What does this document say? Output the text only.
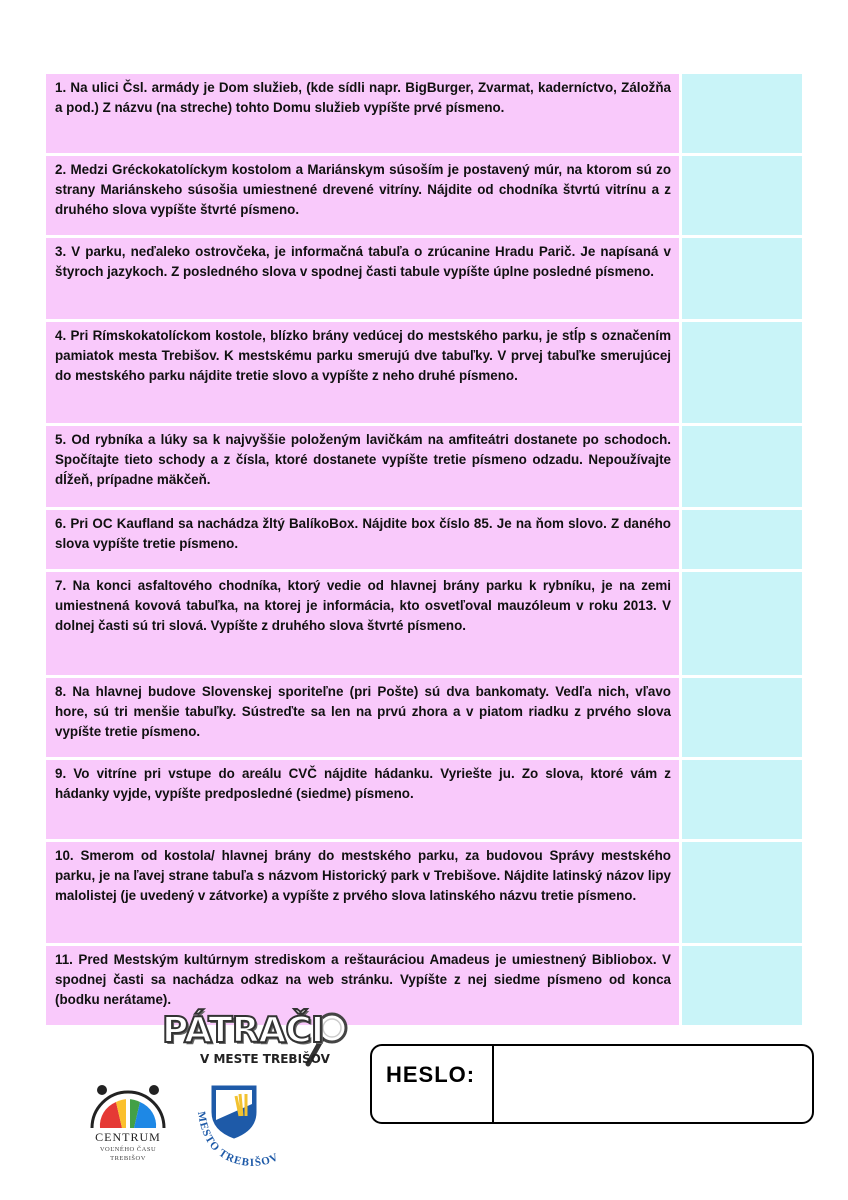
1. Na ulici Čsl. armády je Dom služieb, (kde sídli napr. BigBurger, Zvarmat, kaderníctvo, Záložňa a pod.) Z názvu (na streche) tohto Domu služieb vypíšte prvé písmeno.
2. Medzi Gréckokatolíckym kostolom a Mariánskym súsoším je postavený múr, na ktorom sú zo strany Mariánskeho súsošia umiestnené drevené vitríny. Nájdite od chodníka štvrtú vitrínu a z druhého slova vypíšte štvrté písmeno.
3. V parku, neďaleko ostrovčeka, je informačná tabuľa o zrúcanine Hradu Parič. Je napísaná v štyroch jazykoch. Z posledného slova v spodnej časti tabule vypíšte úplne posledné písmeno.
4. Pri Rímskokatolíckom kostole, blízko brány vedúcej do mestského parku, je stĺp s označením pamiatok mesta Trebišov. K mestskému parku smerujú dve tabuľky. V prvej tabuľke smerujúcej do mestského parku nájdite tretie slovo a vypíšte z neho druhé písmeno.
5. Od rybníka a lúky sa k najvyššie položeným lavičkám na amfiteátri dostanete po schodoch. Spočítajte tieto schody a z čísla, ktoré dostanete vypíšte tretie písmeno odzadu. Nepoužívajte dĺžeň, prípadne mäkčeň.
6. Pri OC Kaufland sa nachádza žltý BalíkoBox. Nájdite box číslo 85. Je na ňom slovo. Z daného slova vypíšte tretie písmeno.
7. Na konci asfaltového chodníka, ktorý vedie od hlavnej brány parku k rybníku, je na zemi umiestnená kovová tabuľka, na ktorej je informácia, kto osvetľoval mauzóleum v roku 2013. V dolnej časti sú tri slová. Vypíšte z druhého slova štvrté písmeno.
8. Na hlavnej budove Slovenskej sporiteľne (pri Pošte) sú dva bankomaty. Vedľa nich, vľavo hore, sú tri menšie tabuľky. Sústreďte sa len na prvú zhora a v piatom riadku z prvého slova vypíšte tretie písmeno.
9. Vo vitríne pri vstupe do areálu CVČ nájdite hádanku. Vyriešte ju. Zo slova, ktoré vám z hádanky vyjde, vypíšte predposledné (siedme) písmeno.
10. Smerom od kostola/ hlavnej brány do mestského parku, za budovou Správy mestského parku, je na ľavej strane tabuľa s názvom Historický park v Trebišove. Nájdite latinský názov lipy malolistej (je uvedený v zátvorke) a vypíšte z prvého slova latinského názvu tretie písmeno.
11. Pred Mestským kultúrnym strediskom a reštauráciou Amadeus je umiestnený Bibliobox. V spodnej časti sa nachádza odkaz na web stránku. Vypíšte z nej siedme písmeno od konca (bodku nerátame).
PÁTRAČI
V MESTE TREBIŠOV
CENTRUM
VOĽNÉHO ČASU
TREBIŠOV
MESTO TREBIŠOV
HESLO:
